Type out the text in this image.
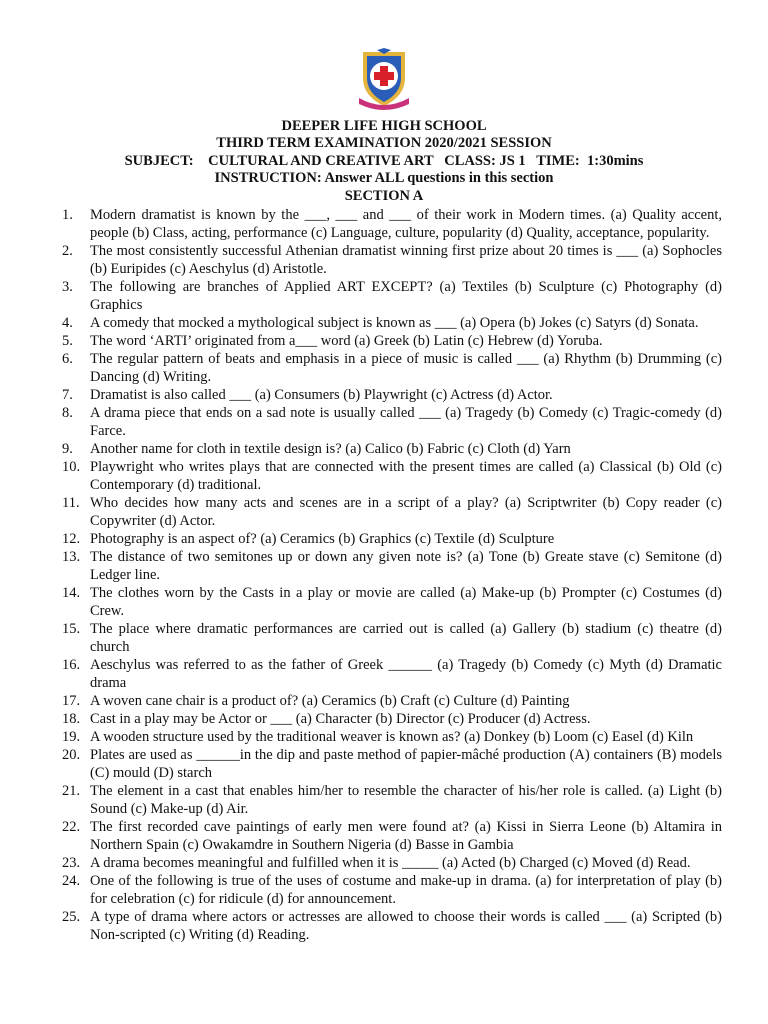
DEEPER LIFE HIGH SCHOOL
THIRD TERM EXAMINATION 2020/2021 SESSION
SUBJECT:    CULTURAL AND CREATIVE ART   CLASS: JS 1   TIME:  1:30mins
INSTRUCTION: Answer ALL questions in this section
SECTION A
1. Modern dramatist is known by the ___, ___ and ___ of their work in Modern times. (a) Quality accent, people (b) Class, acting, performance (c) Language, culture, popularity (d) Quality, acceptance, popularity.
2. The most consistently successful Athenian dramatist winning first prize about 20 times is ___ (a) Sophocles (b) Euripides (c) Aeschylus (d) Aristotle.
3. The following are branches of Applied ART EXCEPT? (a) Textiles (b) Sculpture (c) Photography (d) Graphics
4. A comedy that mocked a mythological subject is known as ___ (a) Opera (b) Jokes (c) Satyrs (d) Sonata.
5. The word ‘ARTI’ originated from a___ word (a) Greek (b) Latin (c) Hebrew (d) Yoruba.
6. The regular pattern of beats and emphasis in a piece of music is called ___ (a) Rhythm (b) Drumming (c) Dancing (d) Writing.
7. Dramatist is also called ___ (a) Consumers (b) Playwright (c) Actress (d) Actor.
8. A drama piece that ends on a sad note is usually called ___ (a) Tragedy (b) Comedy (c) Tragic-comedy (d) Farce.
9. Another name for cloth in textile design is? (a) Calico (b) Fabric (c) Cloth (d) Yarn
10. Playwright who writes plays that are connected with the present times are called (a) Classical (b) Old (c) Contemporary (d) traditional.
11. Who decides how many acts and scenes are in a script of a play? (a) Scriptwriter (b) Copy reader (c) Copywriter (d) Actor.
12. Photography is an aspect of? (a) Ceramics (b) Graphics (c) Textile (d) Sculpture
13. The distance of two semitones up or down any given note is? (a) Tone (b) Greate stave (c) Semitone (d) Ledger line.
14. The clothes worn by the Casts in a play or movie are called (a) Make-up (b) Prompter (c) Costumes (d) Crew.
15. The place where dramatic performances are carried out is called (a) Gallery (b) stadium (c) theatre (d) church
16. Aeschylus was referred to as the father of Greek ______ (a) Tragedy (b) Comedy (c) Myth (d) Dramatic drama
17. A woven cane chair is a product of? (a) Ceramics (b) Craft (c) Culture (d) Painting
18. Cast in a play may be Actor or ___ (a) Character (b) Director (c) Producer (d) Actress.
19. A wooden structure used by the traditional weaver is known as? (a) Donkey (b) Loom (c) Easel (d) Kiln
20. Plates are used as ______in the dip and paste method of papier-mâché production (A) containers (B) models (C) mould (D) starch
21. The element in a cast that enables him/her to resemble the character of his/her role is called. (a) Light (b) Sound (c) Make-up (d) Air.
22. The first recorded cave paintings of early men were found at? (a) Kissi in Sierra Leone (b) Altamira in Northern Spain (c) Owakamdre in Southern Nigeria (d) Basse in Gambia
23. A drama becomes meaningful and fulfilled when it is _____ (a) Acted (b) Charged (c) Moved (d) Read.
24. One of the following is true of the uses of costume and make-up in drama. (a) for interpretation of play (b) for celebration (c) for ridicule (d) for announcement.
25. A type of drama where actors or actresses are allowed to choose their words is called ___ (a) Scripted (b) Non-scripted (c) Writing (d) Reading.
